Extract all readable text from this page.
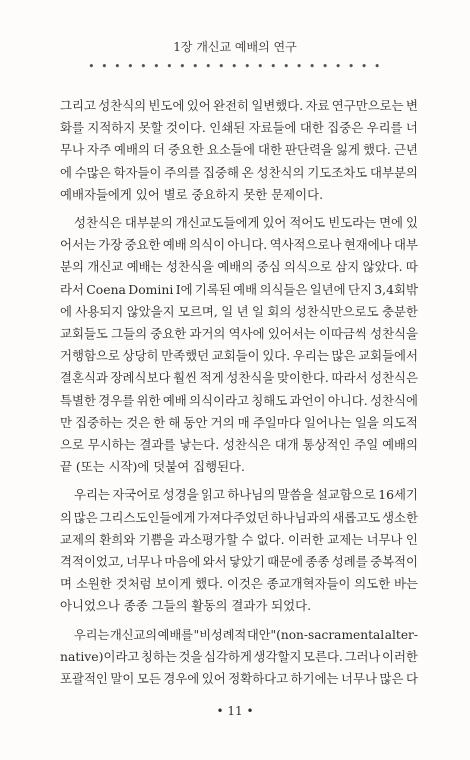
1장 개신교 예배의 연구
• • • • • • • • • • • • • • • • • • • • • • •
그리고 성찬식의 빈도에 있어 완전히 일변했다. 자료 연구만으로는 변
화를 지적하지 못할 것이다. 인쇄된 자료들에 대한 집중은 우리를 너
무나 자주 예배의 더 중요한 요소들에 대한 판단력을 잃게 했다. 근년
에 수많은 학자들이 주의를 집중해 온 성찬식의 기도조차도 대부분의
예배자들에게 있어 별로 중요하지 못한 문제이다.
성찬식은 대부분의 개신교도들에게 있어 적어도 빈도라는 면에 있
어서는 가장 중요한 예배 의식이 아니다. 역사적으로나 현재에나 대부
분의 개신교 예배는 성찬식을 예배의 중심 의식으로 삼지 않았다. 따
라서 Coena Domini I에 기록된 예배 의식들은 일년에 단지 3,4회밖
에 사용되지 않았을지 모르며, 일 년 일 회의 성찬식만으로도 충분한
교회들도 그들의 중요한 과거의 역사에 있어서는 이따금씩 성찬식을
거행함으로 상당히 만족했던 교회들이 있다. 우리는 많은 교회들에서
결혼식과 장례식보다 훨씬 적게 성찬식을 맞이한다. 따라서 성찬식은
특별한 경우를 위한 예배 의식이라고 칭해도 과언이 아니다. 성찬식에
만 집중하는 것은 한 해 동안 거의 매 주일마다 일어나는 일을 의도적
으로 무시하는 결과를 낳는다. 성찬식은 대개 통상적인 주일 예배의
끝 (또는 시작)에 덧붙여 집행된다.
우리는 자국어로 성경을 읽고 하나님의 말씀을 설교함으로 16세기
의 많은 그리스도인들에게 가져다주었던 하나님과의 새롭고도 생소한
교제의 환희와 기쁨을 과소평가할 수 없다. 이러한 교제는 너무나 인
격적이었고, 너무나 마음에 와서 닿았기 때문에 종종 성례를 중복적이
며 소원한 것처럼 보이게 했다. 이것은 종교개혁자들이 의도한 바는
아니었으나 종종 그들의 활동의 결과가 되었다.
우리는 개신교의 예배를 "비성례적 대안"(non-sacramental alter-
native)이라고 칭하는 것을 심각하게 생각할지 모른다. 그러나 이러한
포괄적인 말이 모든 경우에 있어 정확하다고 하기에는 너무나 많은 다
• 11 •
